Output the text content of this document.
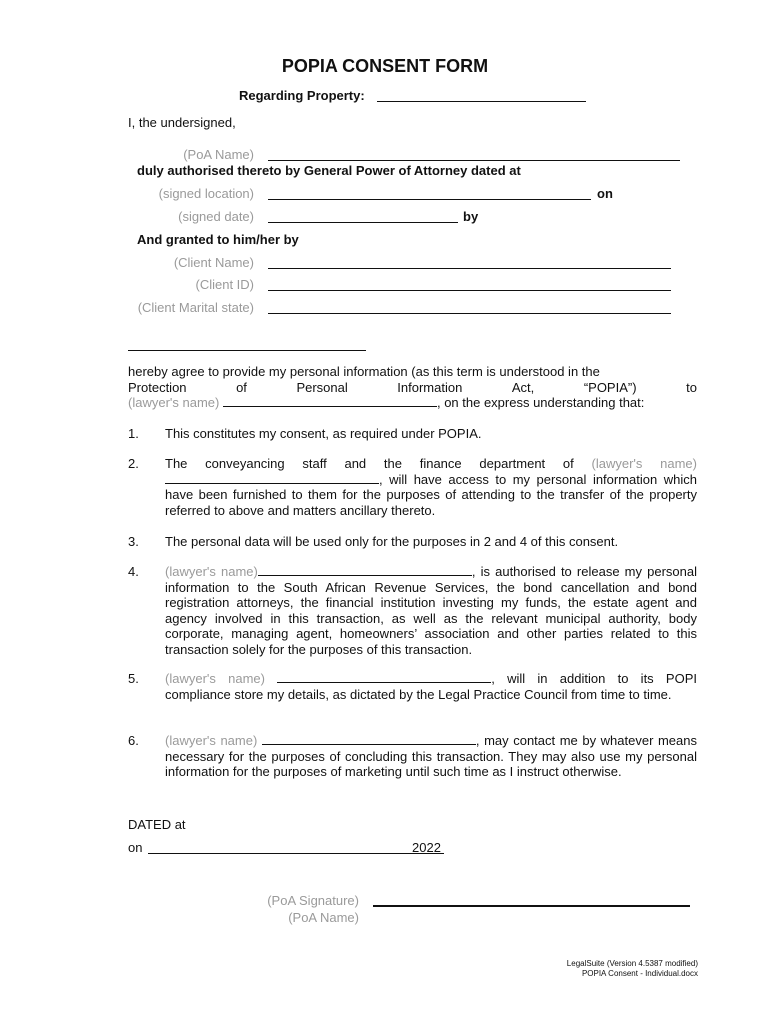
POPIA CONSENT FORM
Regarding Property:
I, the undersigned,
(PoA Name)
duly authorised thereto by General Power of Attorney dated at
(signed location)	on
(signed date)	by
And granted to him/her by
(Client Name)
(Client ID)
(Client Marital state)
hereby agree to provide my personal information (as this term is understood in the
Protection	of	Personal	Information	Act,	“POPIA”)	to
(lawyer's name)	, on the express understanding that:
1. This constitutes my consent, as required under POPIA.
2. The conveyancing staff and the finance department of (lawyer's name) , will have access to my personal information which have been furnished to them for the purposes of attending to the transfer of the property referred to above and matters ancillary thereto.
3. The personal data will be used only for the purposes in 2 and 4 of this consent.
4. (lawyer's name)	, is authorised to release my personal information to the South African Revenue Services, the bond cancellation and bond registration attorneys, the financial institution investing my funds, the estate agent and agency involved in this transaction, as well as the relevant municipal authority, body corporate, managing agent, homeowners’ association and other parties related to this transaction solely for the purposes of this transaction.
5. (lawyer's name)	, will in addition to its POPI compliance store my details, as dictated by the Legal Practice Council from time to time.
6. (lawyer's name)	, may contact me by whatever means necessary for the purposes of concluding this transaction. They may also use my personal information for the purposes of marketing until such time as I instruct otherwise.
DATED at
on	2022
(PoA Signature)
(PoA Name)
LegalSuite (Version 4.5387 modified)
POPIA Consent - Individual.docx
